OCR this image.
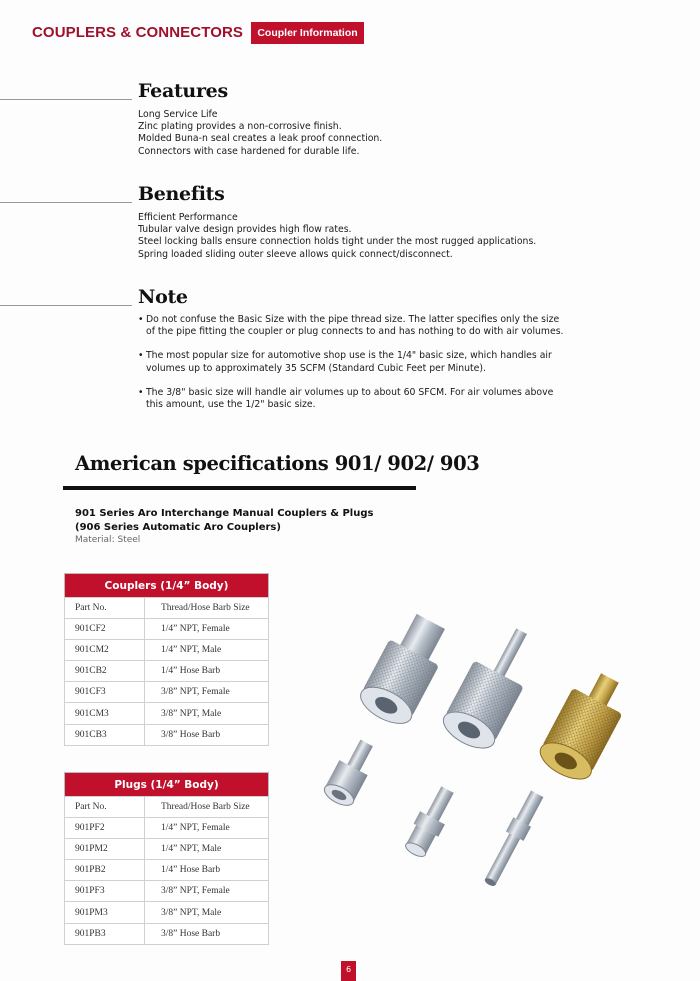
COUPLERS & CONNECTORS	Coupler Information
Features
Long Service Life
Zinc plating provides a non-corrosive finish.
Molded Buna-n seal creates a leak proof connection.
Connectors with case hardened for durable life.
Benefits
Efficient Performance
Tubular valve design provides high flow rates.
Steel locking balls ensure connection holds tight under the most rugged applications.
Spring loaded sliding outer sleeve allows quick connect/disconnect.
Note
• Do not confuse the Basic Size with the pipe thread size. The latter specifies only the size
of the pipe fitting the coupler or plug connects to and has nothing to do with air volumes.
• The most popular size for automotive shop use is the 1/4" basic size, which handles air
volumes up to approximately 35 SCFM (Standard Cubic Feet per Minute).
• The 3/8" basic size will handle air volumes up to about 60 SFCM. For air volumes above
this amount, use the 1/2" basic size.
American specifications 901/ 902/ 903
901 Series Aro Interchange Manual Couplers & Plugs
(906 Series Automatic Aro Couplers)
Material: Steel
Couplers (1/4” Body)	
Part No.	Thread/Hose Barb Size
901CF2	1/4” NPT, Female
901CM2	1/4” NPT, Male
901CB2	1/4” Hose Barb
901CF3	3/8” NPT, Female
901CM3	3/8” NPT, Male
901CB3	3/8” Hose Barb
Plugs (1/4” Body)	
Part No.	Thread/Hose Barb Size
901PF2	1/4” NPT, Female
901PM2	1/4” NPT, Male
901PB2	1/4” Hose Barb
901PF3	3/8” NPT, Female
901PM3	3/8” NPT, Male
901PB3	3/8” Hose Barb
6
